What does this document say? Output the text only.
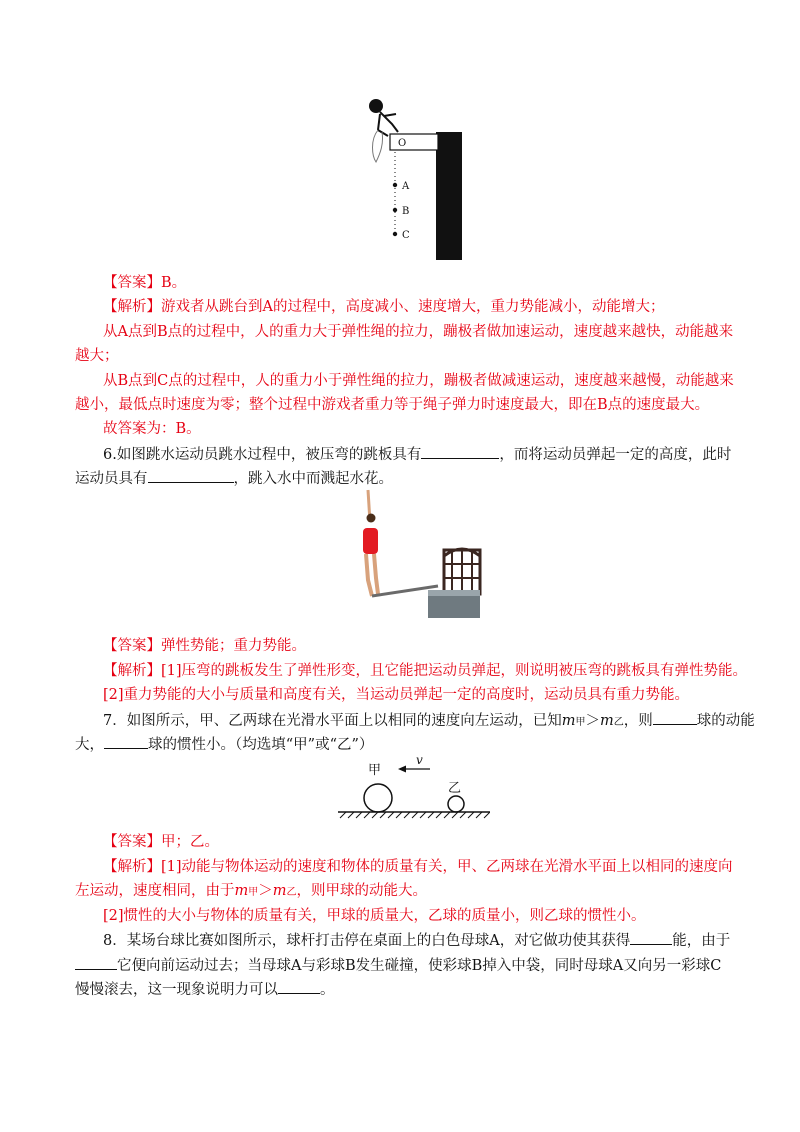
O
A
B
C
【答案】B。
【解析】游戏者从跳台到A的过程中，高度减小、速度增大，重力势能减小，动能增大；
从A点到B点的过程中，人的重力大于弹性绳的拉力，蹦极者做加速运动，速度越来越快，动能越来
越大；
从B点到C点的过程中，人的重力小于弹性绳的拉力，蹦极者做减速运动，速度越来越慢，动能越来
越小，最低点时速度为零；整个过程中游戏者重力等于绳子弹力时速度最大，即在B点的速度最大。
故答案为：B。
6.如图跳水运动员跳水过程中，被压弯的跳板具有	，而将运动员弹起一定的高度，此时
运动员具有	，跳入水中而溅起水花。
【答案】弹性势能；重力势能。
【解析】[1]压弯的跳板发生了弹性形变，且它能把运动员弹起，则说明被压弯的跳板具有弹性势能。
[2]重力势能的大小与质量和高度有关，当运动员弹起一定的高度时，运动员具有重力势能。
7．如图所示，甲、乙两球在光滑水平面上以相同的速度向左运动，已知m甲＞m乙，则	球的动能
大，	球的惯性小。（均选填“甲”或“乙”）
甲
v
乙
【答案】甲；乙。
【解析】[1]动能与物体运动的速度和物体的质量有关，甲、乙两球在光滑水平面上以相同的速度向
左运动，速度相同，由于m甲＞m乙，则甲球的动能大。
[2]惯性的大小与物体的质量有关，甲球的质量大，乙球的质量小，则乙球的惯性小。
8．某场台球比赛如图所示，球杆打击停在桌面上的白色母球A，对它做功使其获得	能，由于
它便向前运动过去；当母球A与彩球B发生碰撞，使彩球B掉入中袋，同时母球A又向另一彩球C
慢慢滚去，这一现象说明力可以	。
